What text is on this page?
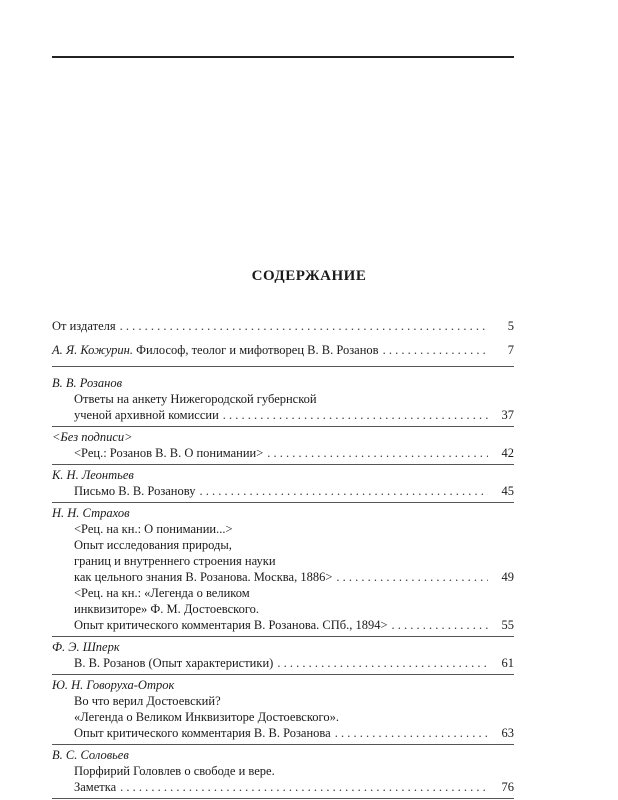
СОДЕРЖАНИЕ
От издателя . . .	5
А. Я. Кожурин. Философ, теолог и мифотворец В. В. Розанов . . .	7
В. В. Розанов
Ответы на анкету Нижегородской губернской
ученой архивной комиссии . . .	37
<Без подписи>
<Рец.: Розанов В. В. О понимании> . . .	42
К. Н. Леонтьев
Письмо В. В. Розанову . . .	45
Н. Н. Страхов
<Рец. на кн.: О понимании...>
Опыт исследования природы,
границ и внутреннего строения науки
как цельного знания В. Розанова. Москва, 1886> . . .	49
<Рец. на кн.: «Легенда о великом
инквизиторе» Ф. М. Достоевского.
Опыт критического комментария В. Розанова. СПб., 1894> . . .	55
Ф. Э. Шперк
В. В. Розанов (Опыт характеристики) . . .	61
Ю. Н. Говоруха-Отрок
Во что верил Достоевский?
«Легенда о Великом Инквизиторе Достоевского».
Опыт критического комментария В. В. Розанова . . .	63
В. С. Соловьев
Порфирий Головлев о свободе и вере.
Заметка . . .	76
